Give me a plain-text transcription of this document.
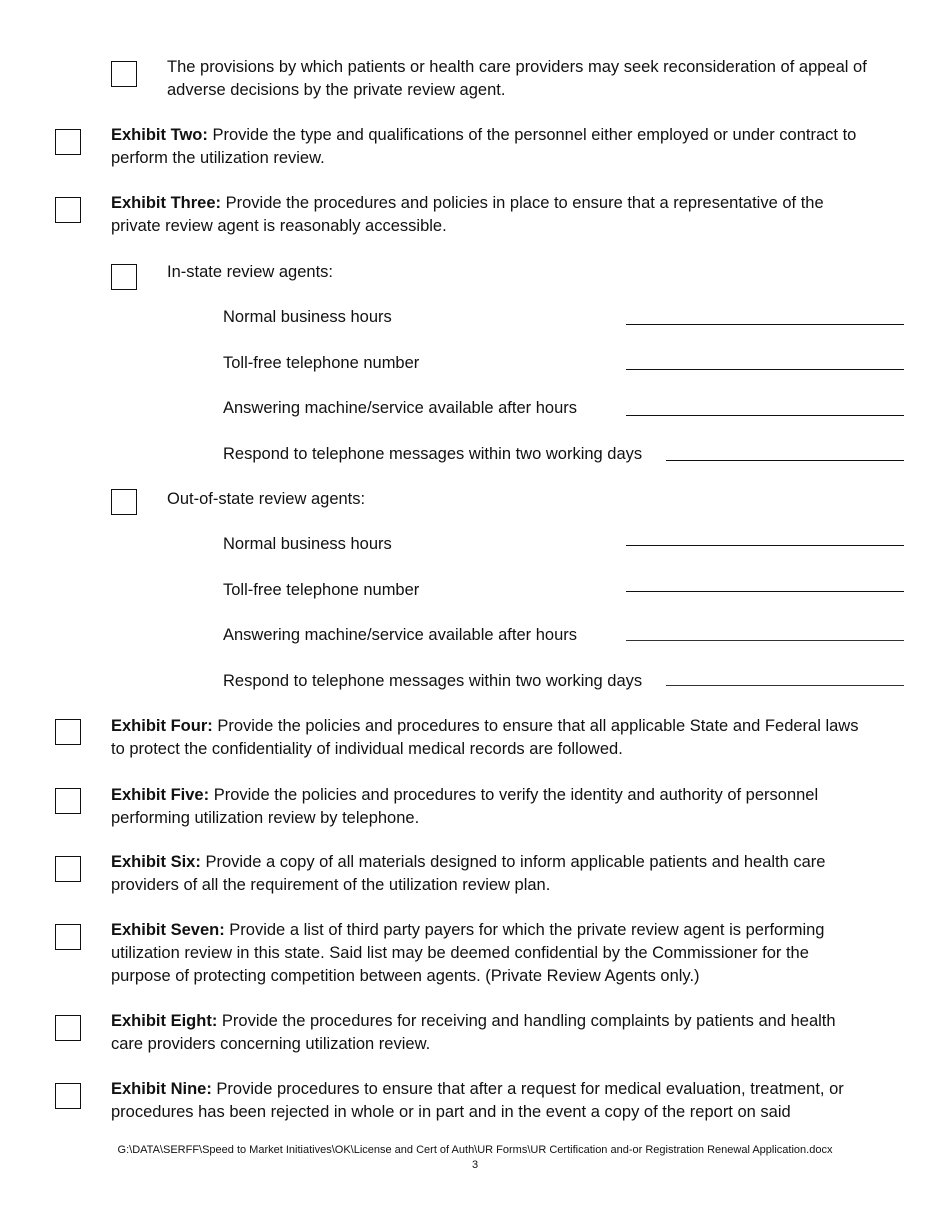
The provisions by which patients or health care providers may seek reconsideration of appeal of adverse decisions by the private review agent.
Exhibit Two: Provide the type and qualifications of the personnel either employed or under contract to perform the utilization review.
Exhibit Three: Provide the procedures and policies in place to ensure that a representative of the private review agent is reasonably accessible.
In-state review agents:
Normal business hours
Toll-free telephone number
Answering machine/service available after hours
Respond to telephone messages within two working days
Out-of-state review agents:
Normal business hours
Toll-free telephone number
Answering machine/service available after hours
Respond to telephone messages within two working days
Exhibit Four: Provide the policies and procedures to ensure that all applicable State and Federal laws to protect the confidentiality of individual medical records are followed.
Exhibit Five: Provide the policies and procedures to verify the identity and authority of personnel performing utilization review by telephone.
Exhibit Six: Provide a copy of all materials designed to inform applicable patients and health care providers of all the requirement of the utilization review plan.
Exhibit Seven: Provide a list of third party payers for which the private review agent is performing utilization review in this state. Said list may be deemed confidential by the Commissioner for the purpose of protecting competition between agents. (Private Review Agents only.)
Exhibit Eight: Provide the procedures for receiving and handling complaints by patients and health care providers concerning utilization review.
Exhibit Nine: Provide procedures to ensure that after a request for medical evaluation, treatment, or procedures has been rejected in whole or in part and in the event a copy of the report on said
G:\DATA\SERFF\Speed to Market Initiatives\OK\License and Cert of Auth\UR Forms\UR Certification and-or Registration Renewal Application.docx
3
